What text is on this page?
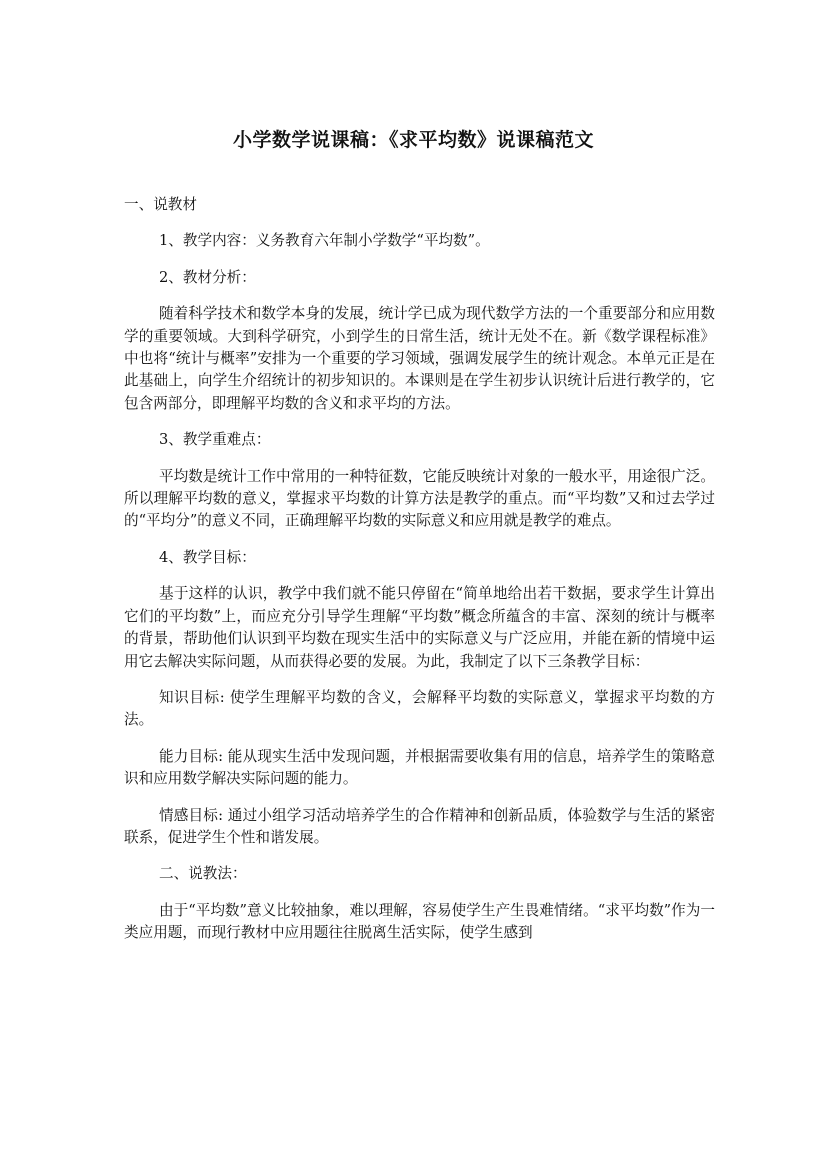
小学数学说课稿：《求平均数》说课稿范文

一、说教材

1、教学内容：义务教育六年制小学数学“平均数”。

2、教材分析：

随着科学技术和数学本身的发展，统计学已成为现代数学方法的一个重要部分和应用数学的重要领域。大到科学研究，小到学生的日常生活，统计无处不在。新《数学课程标准》中也将“统计与概率”安排为一个重要的学习领域，强调发展学生的统计观念。本单元正是在此基础上，向学生介绍统计的初步知识的。本课则是在学生初步认识统计后进行教学的，它包含两部分，即理解平均数的含义和求平均的方法。

3、教学重难点：

平均数是统计工作中常用的一种特征数，它能反映统计对象的一般水平，用途很广泛。所以理解平均数的意义，掌握求平均数的计算方法是教学的重点。而“平均数”又和过去学过的“平均分”的意义不同，正确理解平均数的实际意义和应用就是教学的难点。

4、教学目标：

基于这样的认识，教学中我们就不能只停留在“简单地给出若干数据，要求学生计算出它们的平均数”上，而应充分引导学生理解“平均数”概念所蕴含的丰富、深刻的统计与概率的背景，帮助他们认识到平均数在现实生活中的实际意义与广泛应用，并能在新的情境中运用它去解决实际问题，从而获得必要的发展。为此，我制定了以下三条教学目标：

知识目标: 使学生理解平均数的含义，会解释平均数的实际意义，掌握求平均数的方法。

能力目标: 能从现实生活中发现问题，并根据需要收集有用的信息，培养学生的策略意识和应用数学解决实际问题的能力。

情感目标: 通过小组学习活动培养学生的合作精神和创新品质，体验数学与生活的紧密联系，促进学生个性和谐发展。

二、说教法：

由于“平均数”意义比较抽象，难以理解，容易使学生产生畏难情绪。“求平均数”作为一类应用题，而现行教材中应用题往往脱离生活实际，使学生感到
